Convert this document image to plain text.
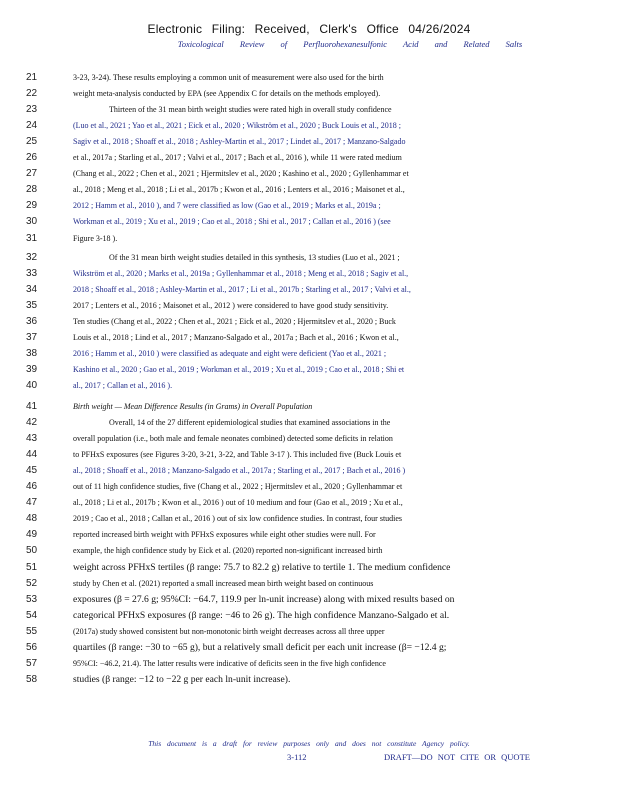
Electronic Filing: Received, Clerk's Office 04/26/2024
Toxicological Review of Perfluorohexanesulfonic Acid and Related Salts
21	3-23, 3-24). These results employing a common unit of measurement were also used for the birth
22	weight meta-analysis conducted by EPA (see Appendix C for details on the methods employed).
23	Thirteen of the 31 mean birth weight studies were rated high in overall study confidence
24	(Luo et al., 2021 ; Yao et al., 2021 ; Eick et al., 2020 ; Wikström et al., 2020 ; Buck Louis et al., 2018 ;
25	Sagiv et al., 2018 ; Shoaff et al., 2018 ; Ashley-Martin et al., 2017 ; Lindet al., 2017 ; Manzano-Salgado
26	et al., 2017a ; Starling et al., 2017 ; Valvi et al., 2017 ; Bach et al., 2016 ), while 11 were rated medium
27	(Chang et al., 2022 ; Chen et al., 2021 ; Hjermitslev et al., 2020 ; Kashino et al., 2020 ; Gyllenhammar et
28	al., 2018 ; Meng et al., 2018 ; Li et al., 2017b ; Kwon et al., 2016 ; Lenters et al., 2016 ; Maisonet et al.,
29	2012 ; Hamm et al., 2010 ), and 7 were classified as low (Gao et al., 2019 ; Marks et al., 2019a ;
30	Workman et al., 2019 ; Xu et al., 2019 ; Cao et al., 2018 ; Shi et al., 2017 ; Callan et al., 2016 ) (see
31	Figure 3-18 ).
32	Of the 31 mean birth weight studies detailed in this synthesis, 13 studies (Luo et al., 2021 ;
33	Wikström et al., 2020 ; Marks et al., 2019a ; Gyllenhammar et al., 2018 ; Meng et al., 2018 ; Sagiv et al.,
34	2018 ; Shoaff et al., 2018 ; Ashley-Martin et al., 2017 ; Li et al., 2017b ; Starling et al., 2017 ; Valvi et al.,
35	2017 ; Lenters et al., 2016 ; Maisonet et al., 2012 ) were considered to have good study sensitivity.
36	Ten studies (Chang et al., 2022 ; Chen et al., 2021 ; Eick et al., 2020 ; Hjermitslev et al., 2020 ; Buck
37	Louis et al., 2018 ; Lind et al., 2017 ; Manzano-Salgado et al., 2017a ; Bach et al., 2016 ; Kwon et al.,
38	2016 ; Hamm et al., 2010 ) were classified as adequate and eight were deficient (Yao et al., 2021 ;
39	Kashino et al., 2020 ; Gao et al., 2019 ; Workman et al., 2019 ; Xu et al., 2019 ; Cao et al., 2018 ; Shi et
40	al., 2017 ; Callan et al., 2016 ).
41	Birth weight — Mean Difference Results (in Grams) in Overall Population
42	Overall, 14 of the 27 different epidemiological studies that examined associations in the
43	overall population (i.e., both male and female neonates combined) detected some deficits in relation
44	to PFHxS exposures (see Figures 3-20, 3-21, 3-22, and Table 3-17 ). This included five (Buck Louis et
45	al., 2018 ; Shoaff et al., 2018 ; Manzano-Salgado et al., 2017a ; Starling et al., 2017 ; Bach et al., 2016 )
46	out of 11 high confidence studies, five (Chang et al., 2022 ; Hjermitslev et al., 2020 ; Gyllenhammar et
47	al., 2018 ; Li et al., 2017b ; Kwon et al., 2016 ) out of 10 medium and four (Gao et al., 2019 ; Xu et al.,
48	2019 ; Cao et al., 2018 ; Callan et al., 2016 ) out of six low confidence studies. In contrast, four studies
49	reported increased birth weight with PFHxS exposures while eight other studies were null. For
50	example, the high confidence study by Eick et al. (2020) reported non-significant increased birth
51	weight across PFHxS tertiles (β range: 75.7 to 82.2 g) relative to tertile 1. The medium confidence
52	study by Chen et al. (2021) reported a small increased mean birth weight based on continuous
53	exposures (β = 27.6 g; 95%CI: −64.7, 119.9 per ln-unit increase) along with mixed results based on
54	categorical PFHxS exposures (β range: −46 to 26 g). The high confidence Manzano-Salgado et al.
55	(2017a) study showed consistent but non-monotonic birth weight decreases across all three upper
56	quartiles (β range: −30 to −65 g), but a relatively small deficit per each unit increase (β= −12.4 g;
57	95%CI: −46.2, 21.4). The latter results were indicative of deficits seen in the five high confidence
58	studies (β range: −12 to −22 g per each ln-unit increase).
This document is a draft for review purposes only and does not constitute Agency policy.
3-112	DRAFT—DO NOT CITE OR QUOTE
